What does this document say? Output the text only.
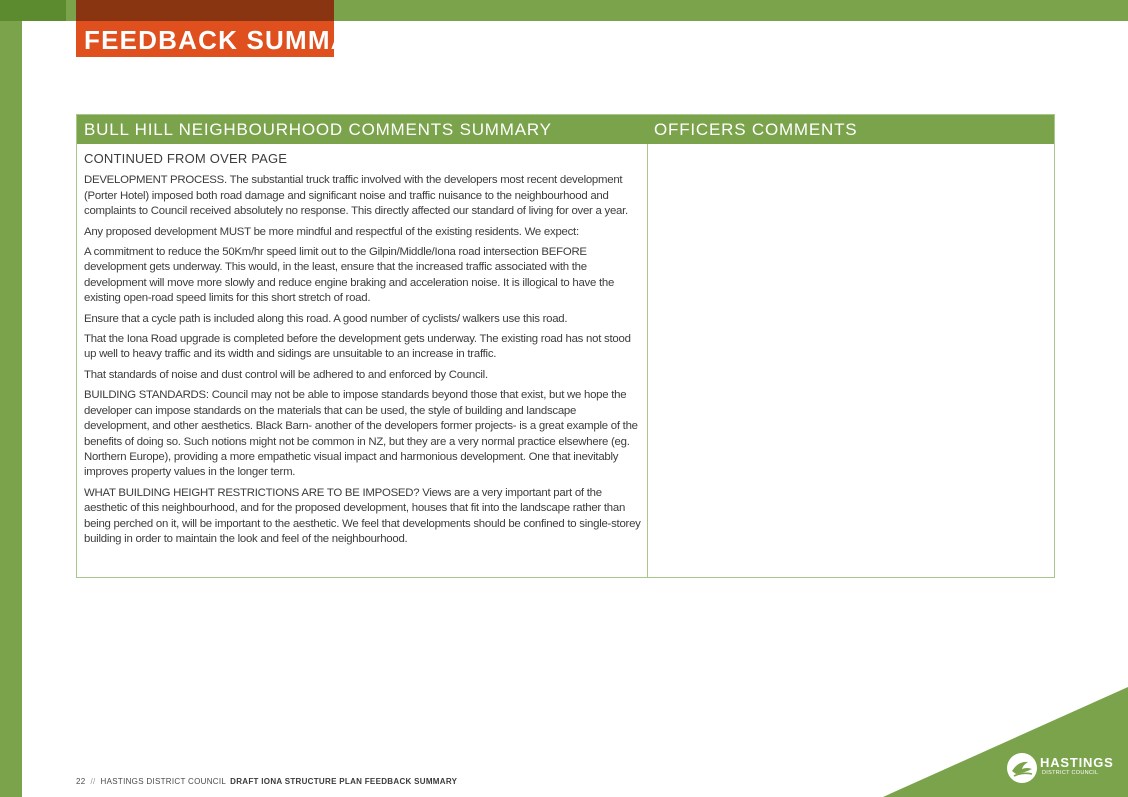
FEEDBACK SUMMARY
BULL HILL NEIGHBOURHOOD COMMENTS SUMMARY	OFFICERS COMMENTS

CONTINUED FROM OVER PAGE

DEVELOPMENT PROCESS. The substantial truck traffic involved with the developers most recent development (Porter Hotel) imposed both road damage and significant noise and traffic nuisance to the neighbourhood and complaints to Council received absolutely no response. This directly affected our standard of living for over a year.

Any proposed development MUST be more mindful and respectful of the existing residents. We expect:

A commitment to reduce the 50Km/hr speed limit out to the Gilpin/Middle/Iona road intersection BEFORE development gets underway. This would, in the least, ensure that the increased traffic associated with the development will move more slowly and reduce engine braking and acceleration noise. It is illogical to have the existing open-road speed limits for this short stretch of road.

Ensure that a cycle path is included along this road. A good number of cyclists/ walkers use this road.

That the Iona Road upgrade is completed before the development gets underway. The existing road has not stood up well to heavy traffic and its width and sidings are unsuitable to an increase in traffic.

That standards of noise and dust control will be adhered to and enforced by Council.

BUILDING STANDARDS: Council may not be able to impose standards beyond those that exist, but we hope the developer can impose standards on the materials that can be used, the style of building and landscape development, and other aesthetics. Black Barn- another of the developers former projects- is a great example of the benefits of doing so. Such notions might not be common in NZ, but they are a very normal practice elsewhere (eg. Northern Europe), providing a more empathetic visual impact and harmonious development. One that inevitably improves property values in the longer term.

WHAT BUILDING HEIGHT RESTRICTIONS ARE TO BE IMPOSED? Views are a very important part of the aesthetic of this neighbourhood, and for the proposed development, houses that fit into the landscape rather than being perched on it, will be important to the aesthetic. We feel that developments should be confined to single-storey building in order to maintain the look and feel of the neighbourhood.

22 // HASTINGS DISTRICT COUNCIL DRAFT IONA STRUCTURE PLAN FEEDBACK SUMMARY
HASTINGS
DISTRICT COUNCIL
